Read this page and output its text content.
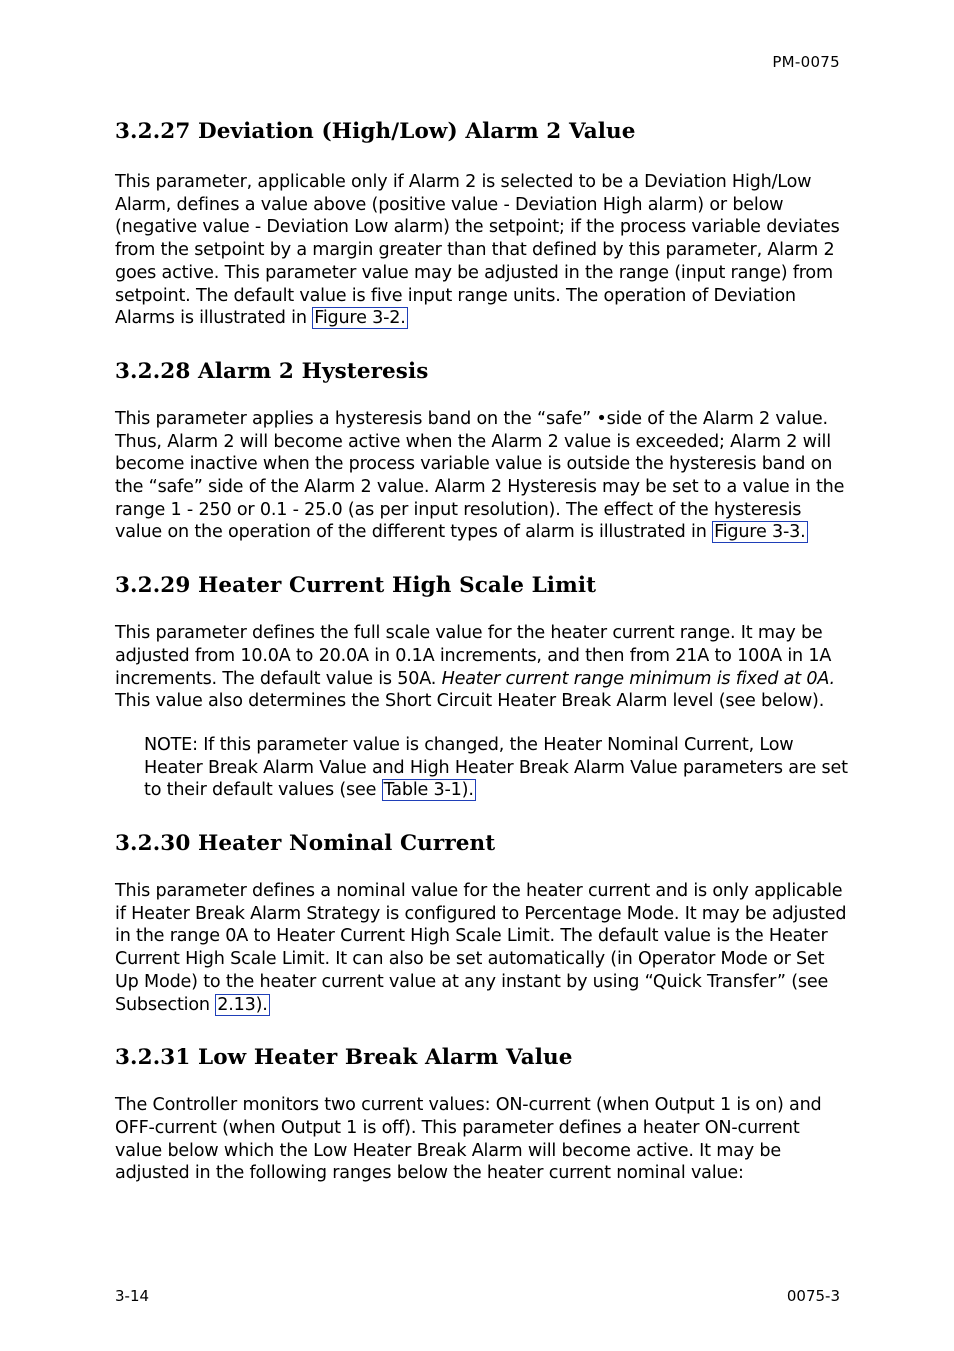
PM-0075
3.2.27 Deviation (High/Low) Alarm 2 Value

This parameter, applicable only if Alarm 2 is selected to be a Deviation High/Low Alarm, defines a value above (positive value - Deviation High alarm) or below (negative value - Deviation Low alarm) the setpoint; if the process variable deviates from the setpoint by a margin greater than that defined by this parameter, Alarm 2 goes active. This parameter value may be adjusted in the range (input range) from setpoint. The default value is five input range units. The operation of Deviation Alarms is illustrated in Figure 3-2.

3.2.28 Alarm 2 Hysteresis

This parameter applies a hysteresis band on the “safe” •side of the Alarm 2 value. Thus, Alarm 2 will become active when the Alarm 2 value is exceeded; Alarm 2 will become inactive when the process variable value is outside the hysteresis band on the “safe” side of the Alarm 2 value. Alarm 2 Hysteresis may be set to a value in the range 1 - 250 or 0.1 - 25.0 (as per input resolution). The effect of the hysteresis value on the operation of the different types of alarm is illustrated in Figure 3-3.

3.2.29 Heater Current High Scale Limit

This parameter defines the full scale value for the heater current range. It may be adjusted from 10.0A to 20.0A in 0.1A increments, and then from 21A to 100A in 1A increments. The default value is 50A. Heater current range minimum is fixed at 0A. This value also determines the Short Circuit Heater Break Alarm level (see below).

NOTE: If this parameter value is changed, the Heater Nominal Current, Low Heater Break Alarm Value and High Heater Break Alarm Value parameters are set to their default values (see Table 3-1).

3.2.30 Heater Nominal Current

This parameter defines a nominal value for the heater current and is only applicable if Heater Break Alarm Strategy is configured to Percentage Mode. It may be adjusted in the range 0A to Heater Current High Scale Limit. The default value is the Heater Current High Scale Limit. It can also be set automatically (in Operator Mode or Set Up Mode) to the heater current value at any instant by using “Quick Transfer” (see Subsection 2.13).

3.2.31 Low Heater Break Alarm Value

The Controller monitors two current values: ON-current (when Output 1 is on) and OFF-current (when Output 1 is off). This parameter defines a heater ON-current value below which the Low Heater Break Alarm will become active. It may be adjusted in the following ranges below the heater current nominal value:

3-14	0075-3
